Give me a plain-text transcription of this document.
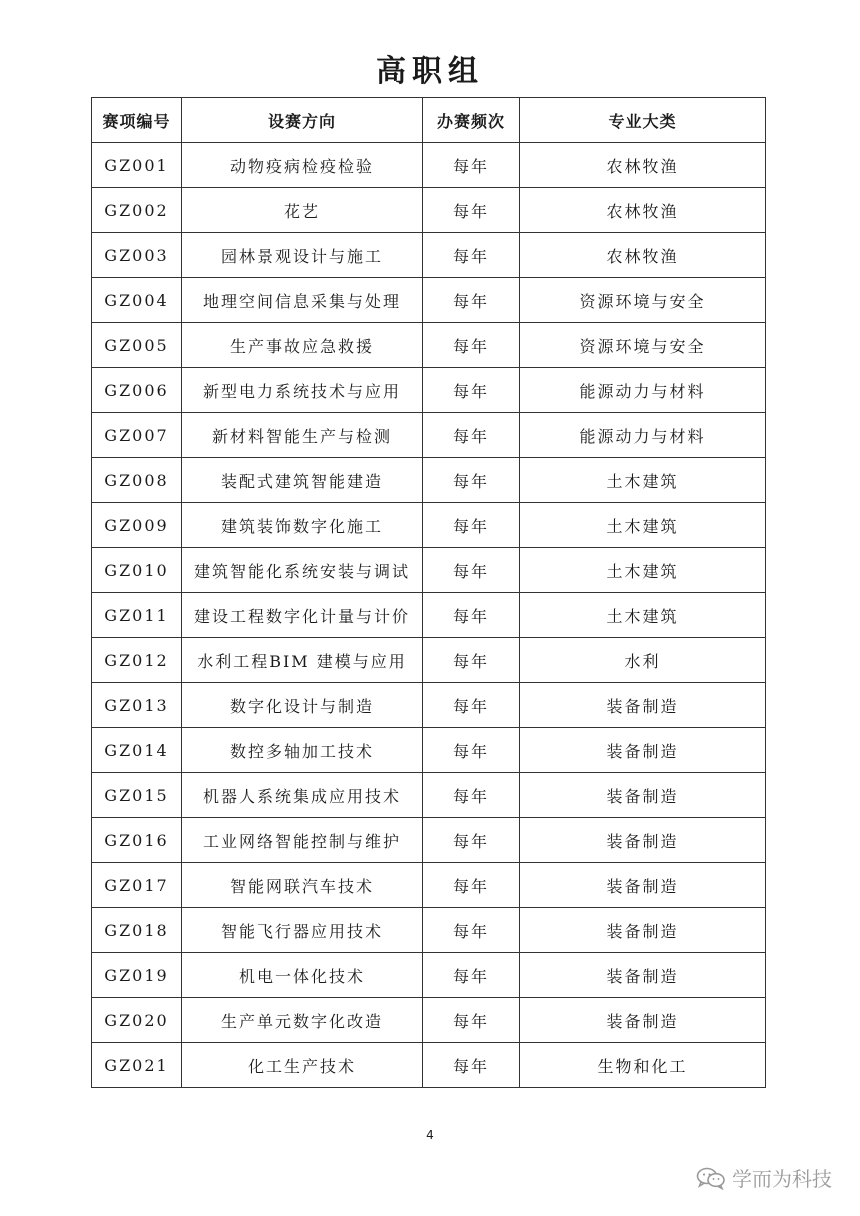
高职组
赛项编号	设赛方向	办赛频次	专业大类
GZ001	动物疫病检疫检验	每年	农林牧渔
GZ002	花艺	每年	农林牧渔
GZ003	园林景观设计与施工	每年	农林牧渔
GZ004	地理空间信息采集与处理	每年	资源环境与安全
GZ005	生产事故应急救援	每年	资源环境与安全
GZ006	新型电力系统技术与应用	每年	能源动力与材料
GZ007	新材料智能生产与检测	每年	能源动力与材料
GZ008	装配式建筑智能建造	每年	土木建筑
GZ009	建筑装饰数字化施工	每年	土木建筑
GZ010	建筑智能化系统安装与调试	每年	土木建筑
GZ011	建设工程数字化计量与计价	每年	土木建筑
GZ012	水利工程BIM 建模与应用	每年	水利
GZ013	数字化设计与制造	每年	装备制造
GZ014	数控多轴加工技术	每年	装备制造
GZ015	机器人系统集成应用技术	每年	装备制造
GZ016	工业网络智能控制与维护	每年	装备制造
GZ017	智能网联汽车技术	每年	装备制造
GZ018	智能飞行器应用技术	每年	装备制造
GZ019	机电一体化技术	每年	装备制造
GZ020	生产单元数字化改造	每年	装备制造
GZ021	化工生产技术	每年	生物和化工
4
学而为科技
